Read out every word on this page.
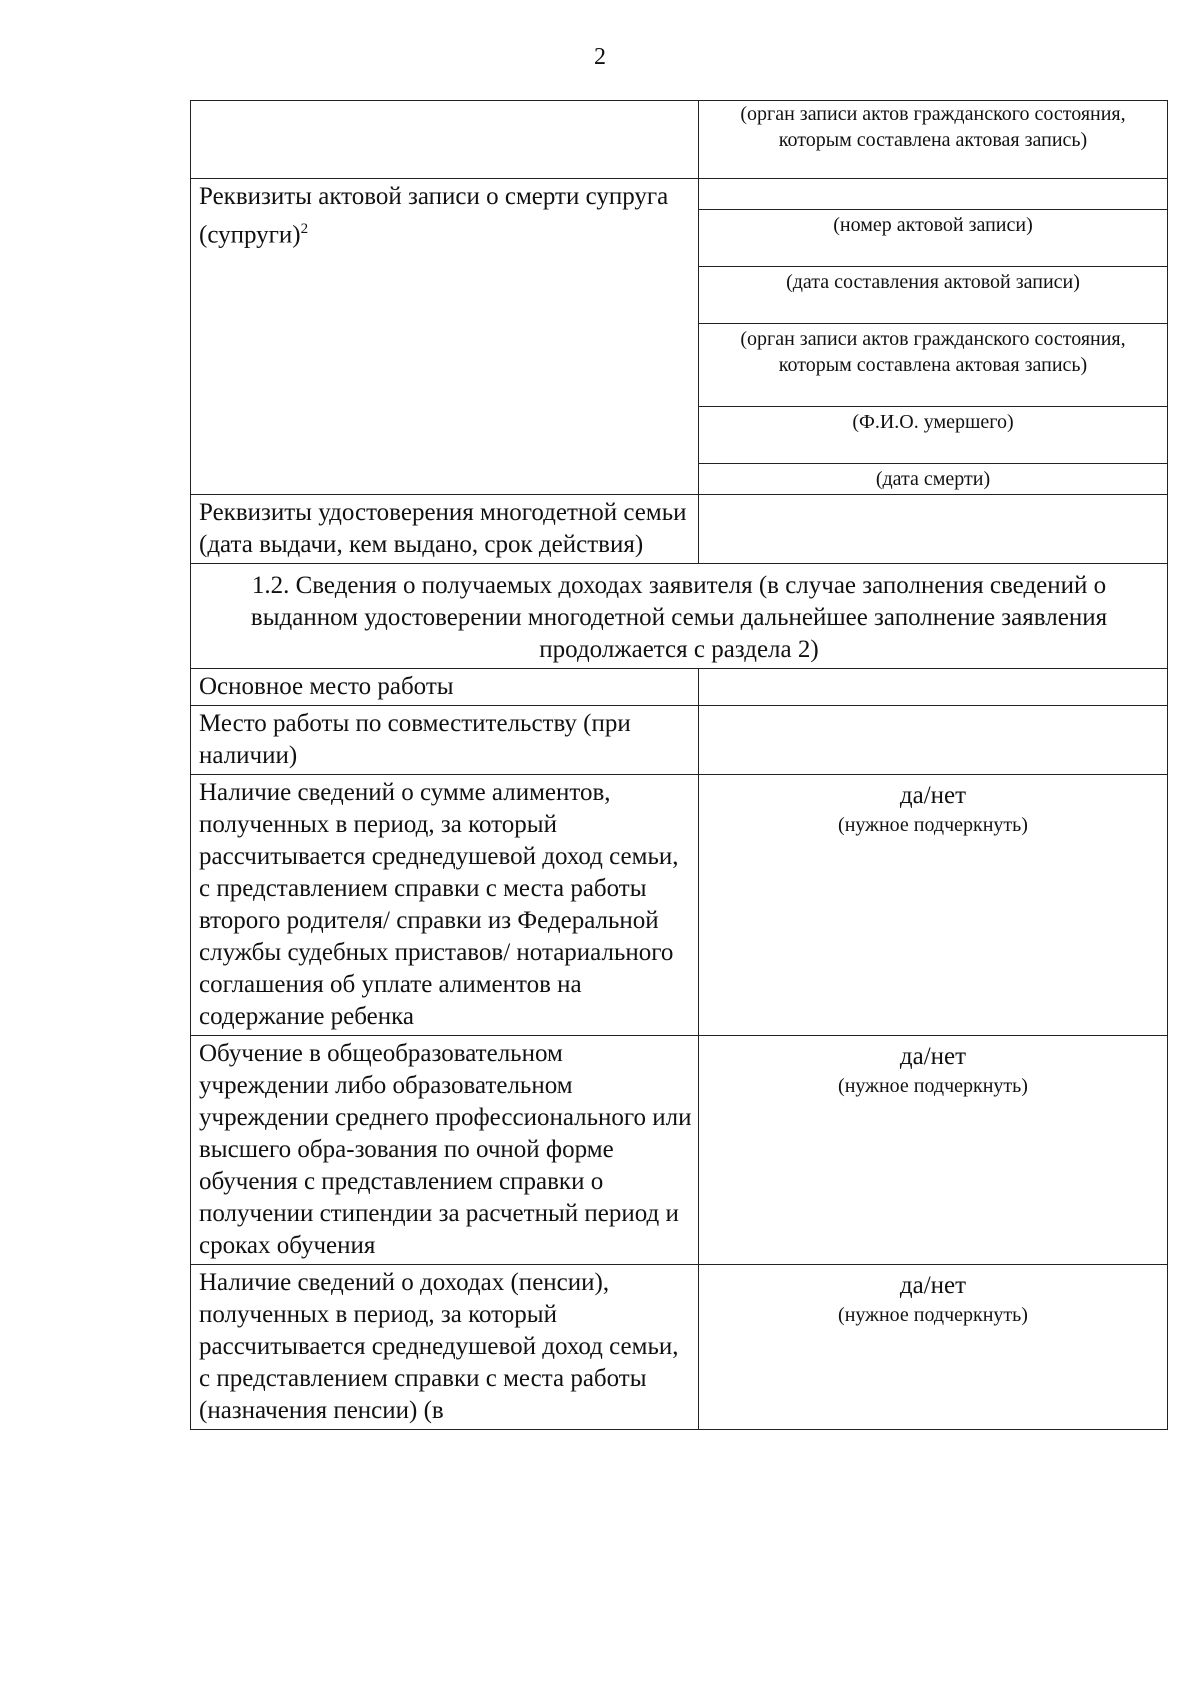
2

	(орган записи актов гражданского состояния, которым составлена актовая запись)

Реквизиты актовой записи о смерти супруга (супруги)$^2$	(номер актовой записи)
(дата составления актовой записи)
(орган записи актов гражданского состояния, которым составлена актовая запись)
(Ф.И.О. умершего)
(дата смерти)

Реквизиты удостоверения многодетной семьи (дата выдачи, кем выдано, срок действия)	

1.2. Сведения о получаемых доходах заявителя (в случае заполнения сведений о выданном удостоверении многодетной семьи дальнейшее заполнение заявления продолжается с раздела 2)	

Основное место работы	

Место работы по совместительству (при наличии)	

Наличие сведений о сумме алиментов, полученных в период, за который рассчитывается среднедушевой доход семьи, с представлением справки с места работы второго родителя/ справки из Федеральной службы судебных приставов/ нотариального соглашения об уплате алиментов на содержание ребенка	да/нет
(нужное подчеркнуть)

Обучение в общеобразовательном учреждении либо образовательном учреждении среднего профессионального или высшего обра-зования по очной форме обучения с представлением справки о получении стипендии за расчетный период и сроках обучения	да/нет
(нужное подчеркнуть)

Наличие сведений о доходах (пенсии), полученных в период, за который рассчитывается среднедушевой доход семьи, с представлением справки с места работы (назначения пенсии) (в	да/нет
(нужное подчеркнуть)
